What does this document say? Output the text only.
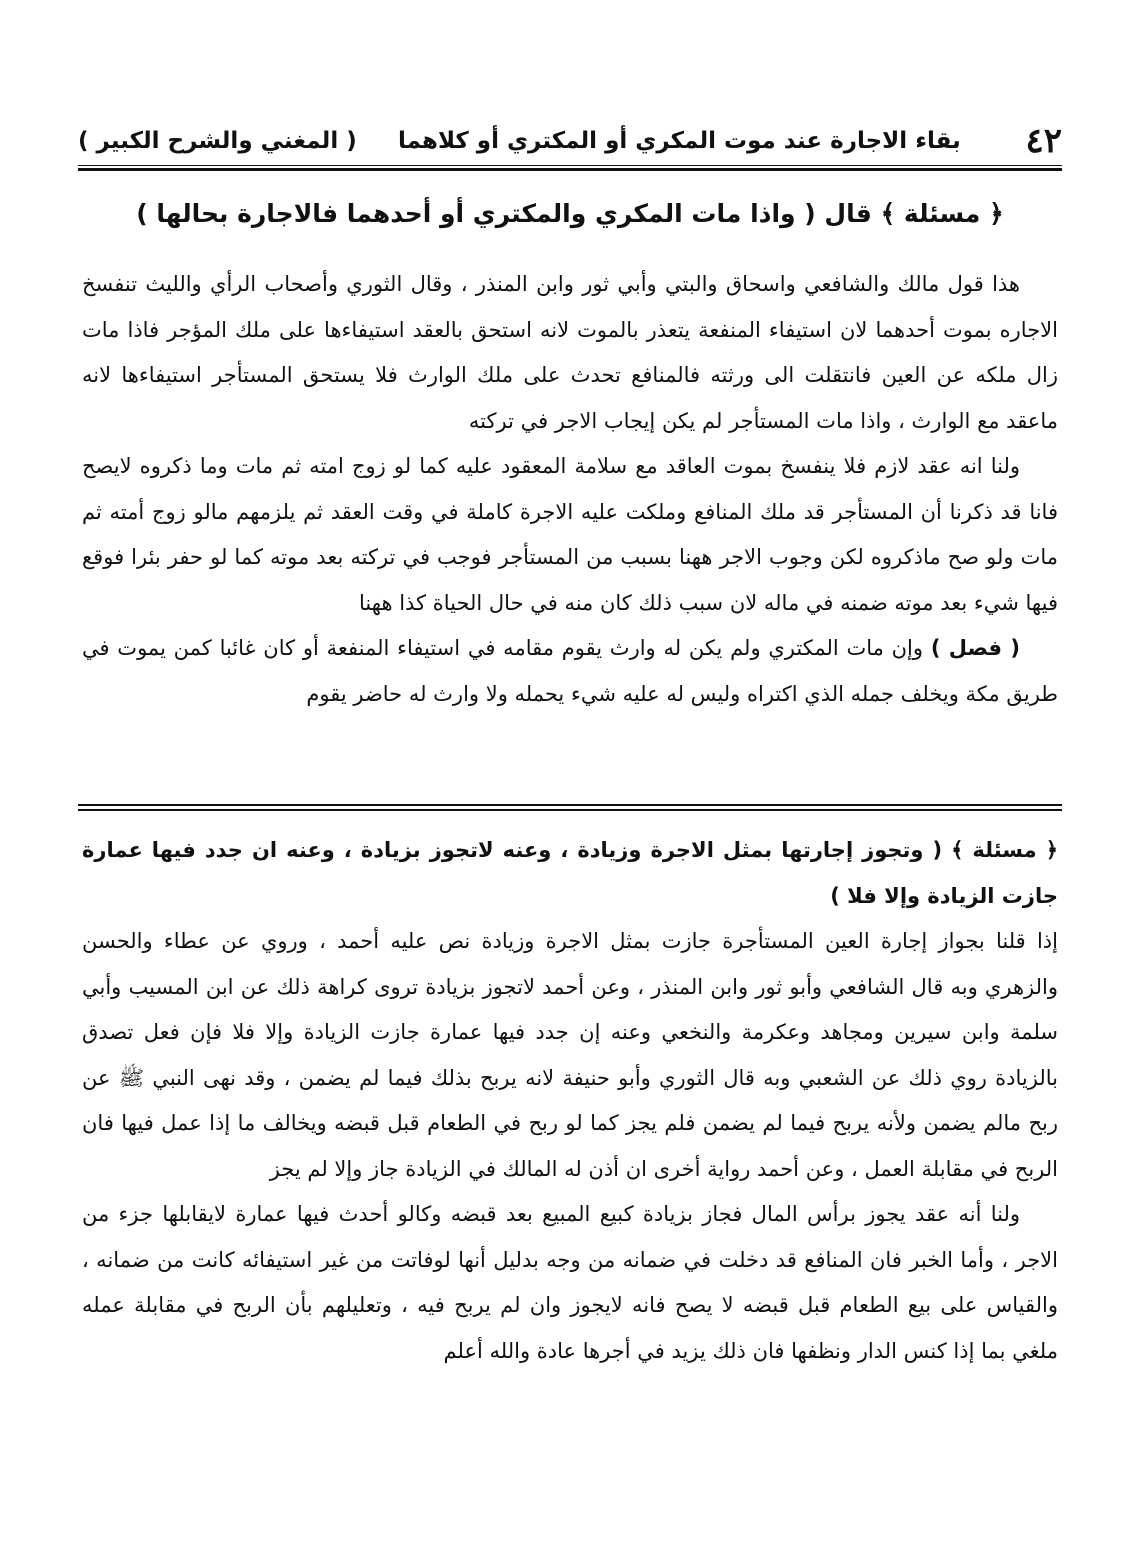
٤٢
بقاء الاجارة عند موت المكري أو المكتري أو كلاهما
( المغني والشرح الكبير )
﴿ مسئلة ﴾ قال ( واذا مات المكري والمكتري أو أحدهما فالاجارة بحالها )

هذا قول مالك والشافعي واسحاق والبتي وأبي ثور وابن المنذر ، وقال الثوري وأصحاب الرأي والليث تنفسخ الاجاره بموت أحدهما لان استيفاء المنفعة يتعذر بالموت لانه استحق بالعقد استيفاءها على ملك المؤجر فاذا مات زال ملكه عن العين فانتقلت الى ورثته فالمنافع تحدث على ملك الوارث فلا يستحق المستأجر استيفاءها لانه ماعقد مع الوارث ، واذا مات المستأجر لم يكن إيجاب الاجر في تركته

ولنا انه عقد لازم فلا ينفسخ بموت العاقد مع سلامة المعقود عليه كما لو زوج امته ثم مات وما ذكروه لايصح فانا قد ذكرنا أن المستأجر قد ملك المنافع وملكت عليه الاجرة كاملة في وقت العقد ثم يلزمهم مالو زوج أمته ثم مات ولو صح ماذكروه لكن وجوب الاجر ههنا بسبب من المستأجر فوجب في تركته بعد موته كما لو حفر بئرا فوقع فيها شيء بعد موته ضمنه في ماله لان سبب ذلك كان منه في حال الحياة كذا ههنا

( فصل ) وإن مات المكتري ولم يكن له وارث يقوم مقامه في استيفاء المنفعة أو كان غائبا كمن يموت في طريق مكة ويخلف جمله الذي اكتراه وليس له عليه شيء يحمله ولا وارث له حاضر يقوم

﴿ مسئلة ﴾ ( وتجوز إجارتها بمثل الاجرة وزيادة ، وعنه لاتجوز بزيادة ، وعنه ان جدد فيها عمارة جازت الزيادة وإلا فلا )

إذا قلنا بجواز إجارة العين المستأجرة جازت بمثل الاجرة وزيادة نص عليه أحمد ، وروي عن عطاء والحسن والزهري وبه قال الشافعي وأبو ثور وابن المنذر ، وعن أحمد لاتجوز بزيادة تروى كراهة ذلك عن ابن المسيب وأبي سلمة وابن سيرين ومجاهد وعكرمة والنخعي وعنه إن جدد فيها عمارة جازت الزيادة وإلا فلا فإن فعل تصدق بالزيادة روي ذلك عن الشعبي وبه قال الثوري وأبو حنيفة لانه يربح بذلك فيما لم يضمن ، وقد نهى النبي ﷺ عن ربح مالم يضمن ولأنه يربح فيما لم يضمن فلم يجز كما لو ربح في الطعام قبل قبضه ويخالف ما إذا عمل فيها فان الربح في مقابلة العمل ، وعن أحمد رواية أخرى ان أذن له المالك في الزيادة جاز وإلا لم يجز

ولنا أنه عقد يجوز برأس المال فجاز بزيادة كبيع المبيع بعد قبضه وكالو أحدث فيها عمارة لايقابلها جزء من الاجر ، وأما الخبر فان المنافع قد دخلت في ضمانه من وجه بدليل أنها لوفاتت من غير استيفائه كانت من ضمانه ، والقياس على بيع الطعام قبل قبضه لا يصح فانه لايجوز وان لم يربح فيه ، وتعليلهم بأن الربح في مقابلة عمله ملغي بما إذا كنس الدار ونظفها فان ذلك يزيد في أجرها عادة والله أعلم
